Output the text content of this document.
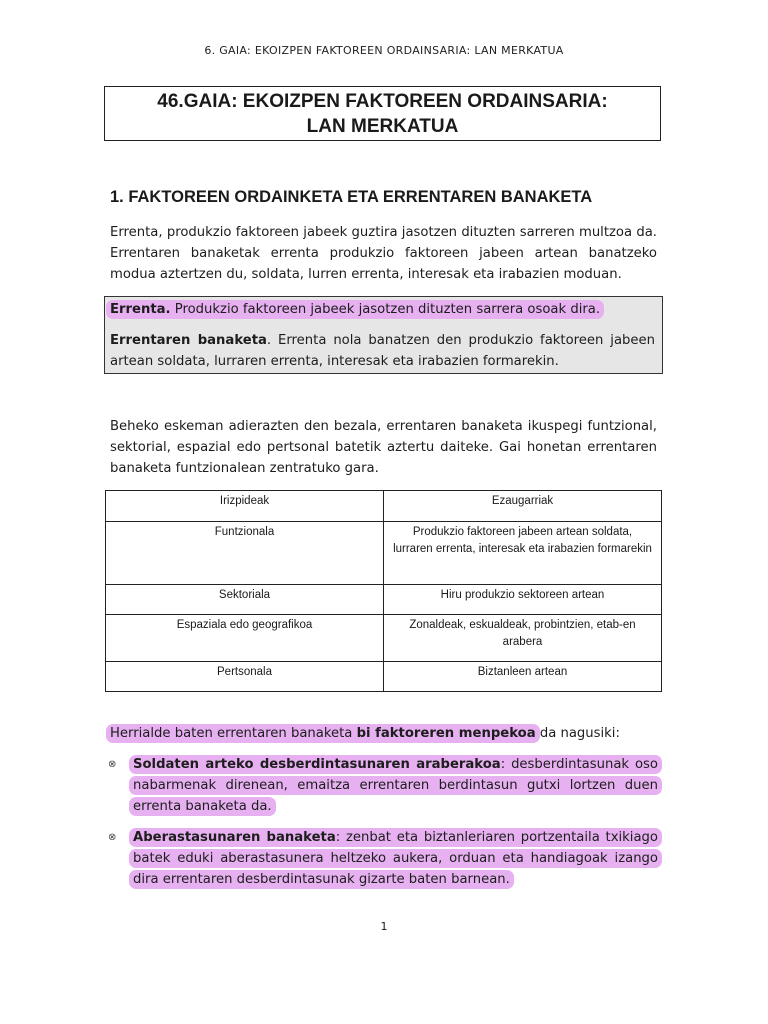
6. GAIA: EKOIZPEN FAKTOREEN ORDAINSARIA: LAN MERKATUA
46.GAIA: EKOIZPEN FAKTOREEN ORDAINSARIA:
LAN MERKATUA
1. FAKTOREEN ORDAINKETA ETA ERRENTAREN BANAKETA
Errenta, produkzio faktoreen jabeek guztira jasotzen dituzten sarreren multzoa da. Errentaren banaketak errenta produkzio faktoreen jabeen artean banatzeko modua aztertzen du, soldata, lurren errenta, interesak eta irabazien moduan.
Errenta. Produkzio faktoreen jabeek jasotzen dituzten sarrera osoak dira.
Errentaren banaketa. Errenta nola banatzen den produkzio faktoreen jabeen artean soldata, lurraren errenta, interesak eta irabazien formarekin.
Beheko eskeman adierazten den bezala, errentaren banaketa ikuspegi funtzional, sektorial, espazial edo pertsonal batetik aztertu daiteke. Gai honetan errentaren banaketa funtzionalean zentratuko gara.
Irizpideak	Ezaugarriak
Funtzionala	Produkzio faktoreen jabeen artean soldata, lurraren errenta, interesak eta irabazien formarekin
Sektoriala	Hiru produkzio sektoreen artean
Espaziala edo geografikoa	Zonaldeak, eskualdeak, probintzien, etab-en arabera
Pertsonala	Biztanleen artean
Herrialde baten errentaren banaketa bi faktoreren menpekoa da nagusiki:
⊗ Soldaten arteko desberdintasunaren araberakoa: desberdintasunak oso nabarmenak direnean, emaitza errentaren berdintasun gutxi lortzen duen errenta banaketa da.
⊗ Aberastasunaren banaketa: zenbat eta biztanleriaren portzentaila txikiago batek eduki aberastasunera heltzeko aukera, orduan eta handiagoak izango dira errentaren desberdintasunak gizarte baten barnean.
1
